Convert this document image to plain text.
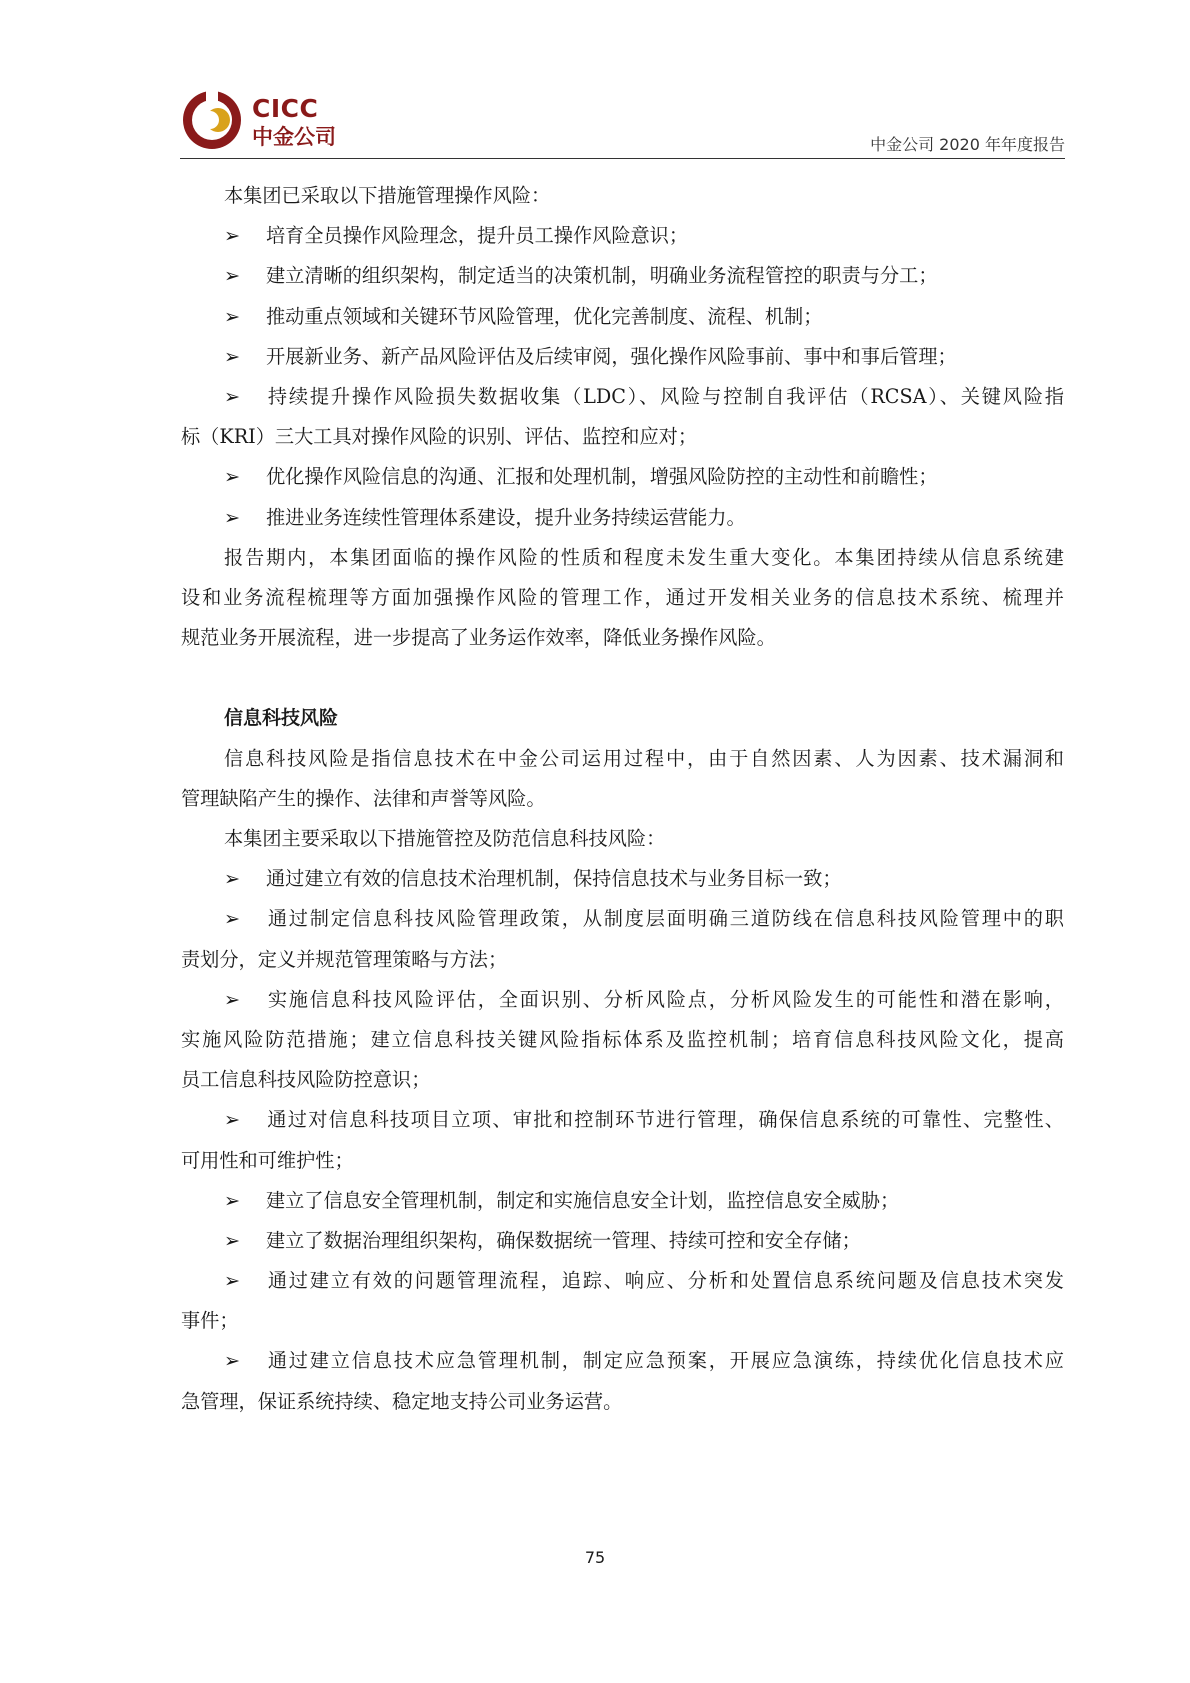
CICC
中金公司	中金公司 2020 年年度报告
本集团已采取以下措施管理操作风险：
➢ 培育全员操作风险理念，提升员工操作风险意识；
➢ 建立清晰的组织架构，制定适当的决策机制，明确业务流程管控的职责与分工；
➢ 推动重点领域和关键环节风险管理，优化完善制度、流程、机制；
➢ 开展新业务、新产品风险评估及后续审阅，强化操作风险事前、事中和事后管理；
➢ 持续提升操作风险损失数据收集（LDC）、风险与控制自我评估（RCSA）、关键风险指
标（KRI）三大工具对操作风险的识别、评估、监控和应对；
➢ 优化操作风险信息的沟通、汇报和处理机制，增强风险防控的主动性和前瞻性；
➢ 推进业务连续性管理体系建设，提升业务持续运营能力。
报告期内，本集团面临的操作风险的性质和程度未发生重大变化。本集团持续从信息系统建
设和业务流程梳理等方面加强操作风险的管理工作，通过开发相关业务的信息技术系统、梳理并
规范业务开展流程，进一步提高了业务运作效率，降低业务操作风险。
信息科技风险
信息科技风险是指信息技术在中金公司运用过程中，由于自然因素、人为因素、技术漏洞和
管理缺陷产生的操作、法律和声誉等风险。
本集团主要采取以下措施管控及防范信息科技风险：
➢ 通过建立有效的信息技术治理机制，保持信息技术与业务目标一致；
➢ 通过制定信息科技风险管理政策，从制度层面明确三道防线在信息科技风险管理中的职
责划分，定义并规范管理策略与方法；
➢ 实施信息科技风险评估，全面识别、分析风险点，分析风险发生的可能性和潜在影响，
实施风险防范措施；建立信息科技关键风险指标体系及监控机制；培育信息科技风险文化，提高
员工信息科技风险防控意识；
➢ 通过对信息科技项目立项、审批和控制环节进行管理，确保信息系统的可靠性、完整性、
可用性和可维护性；
➢ 建立了信息安全管理机制，制定和实施信息安全计划，监控信息安全威胁；
➢ 建立了数据治理组织架构，确保数据统一管理、持续可控和安全存储；
➢ 通过建立有效的问题管理流程，追踪、响应、分析和处置信息系统问题及信息技术突发
事件；
➢ 通过建立信息技术应急管理机制，制定应急预案，开展应急演练，持续优化信息技术应
急管理，保证系统持续、稳定地支持公司业务运营。
75
